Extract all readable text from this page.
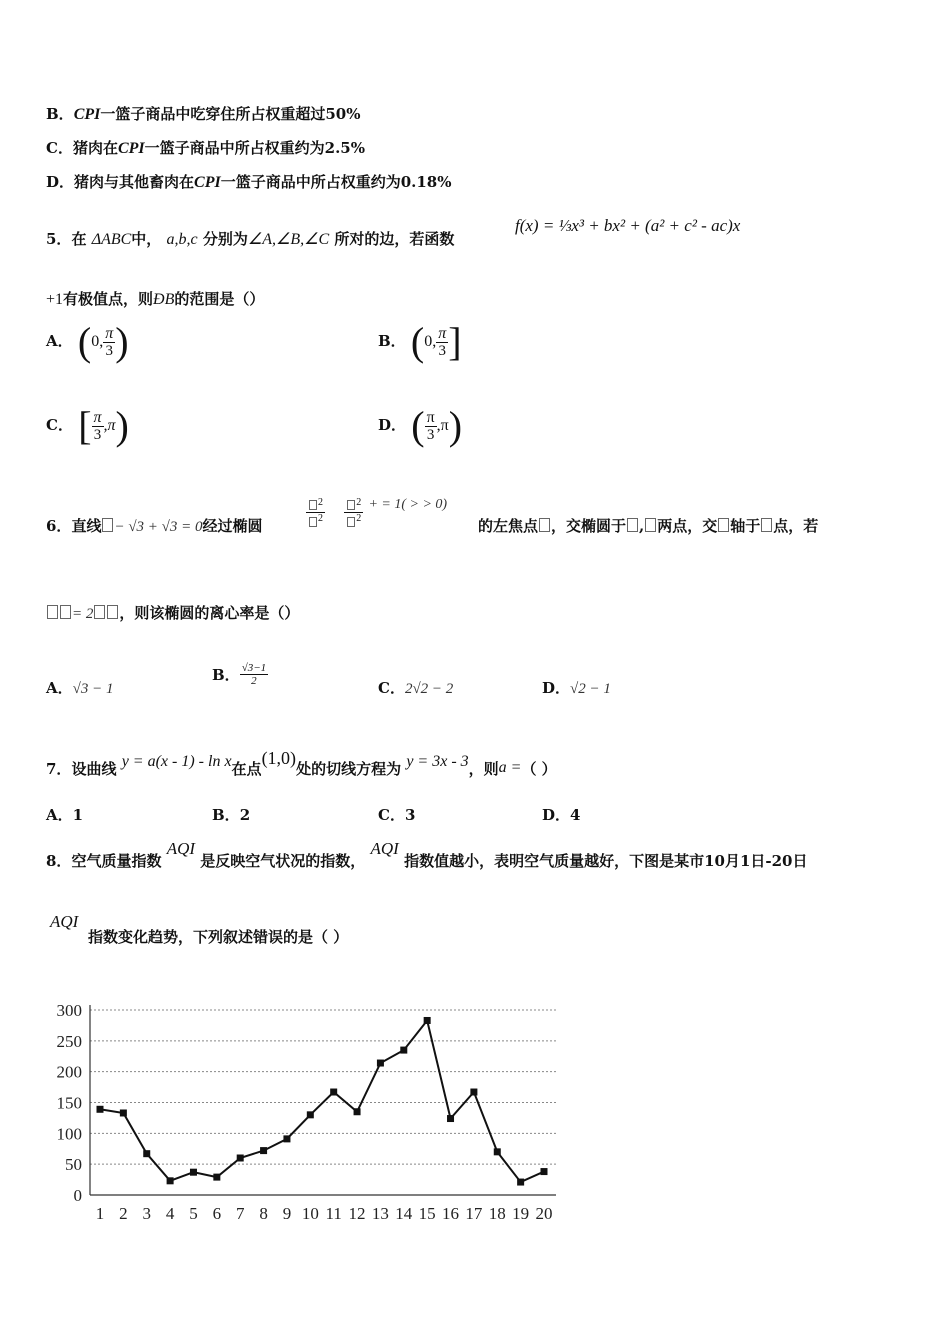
B．CPI一篮子商品中吃穿住所占权重超过50%
C．猪肉在CPI一篮子商品中所占权重约为2.5%
D．猪肉与其他畜肉在CPI一篮子商品中所占权重约为0.18%
5．在 ΔABC中， a,b,c 分别为∠A,∠B,∠C 所对的边，若函数
f(x) = ⅓x³ + bx² + (a² + c² - ac)x
+1有极值点，则ÐB的范围是（）
A． (0, $\frac{\pi}{3}$ )	B． (0, $\frac{\pi}{3}$ ]
C． [ $\frac{\pi}{3} ,\pi$)	D． ( $\frac{\pi}{3} ,\pi$)
6．直线 − √3 + √3 = 0经过椭圆	$\frac{2}{2}$
$\frac{2}{2}$ + = 1( > > 0)
的左焦点 ，交椭圆于 , 两点，交 轴于 点，若
= 2 ，则该椭圆的离心率是（）
A．√3 − 1
B． $\frac{√3-1}{2}$
C．2√2 − 2	D．√2 − 1
7．设曲线 y = a(x - 1) - ln x在点(1,0)处的切线方程为 y = 3x - 3，则a =（ ）
A．1	B．2	C．3	D．4
8．空气质量指数 AQI 是反映空气状况的指数， AQI 指数值越小，表明空气质量越好，下图是某市10月1日-20日
AQI
指数变化趋势，下列叙述错误的是（ ）
0
50
100
150
200
250
300
1 2 3 4 5 6 7 8 9 10 11 12 13 14 15 16 17 18 19 20
